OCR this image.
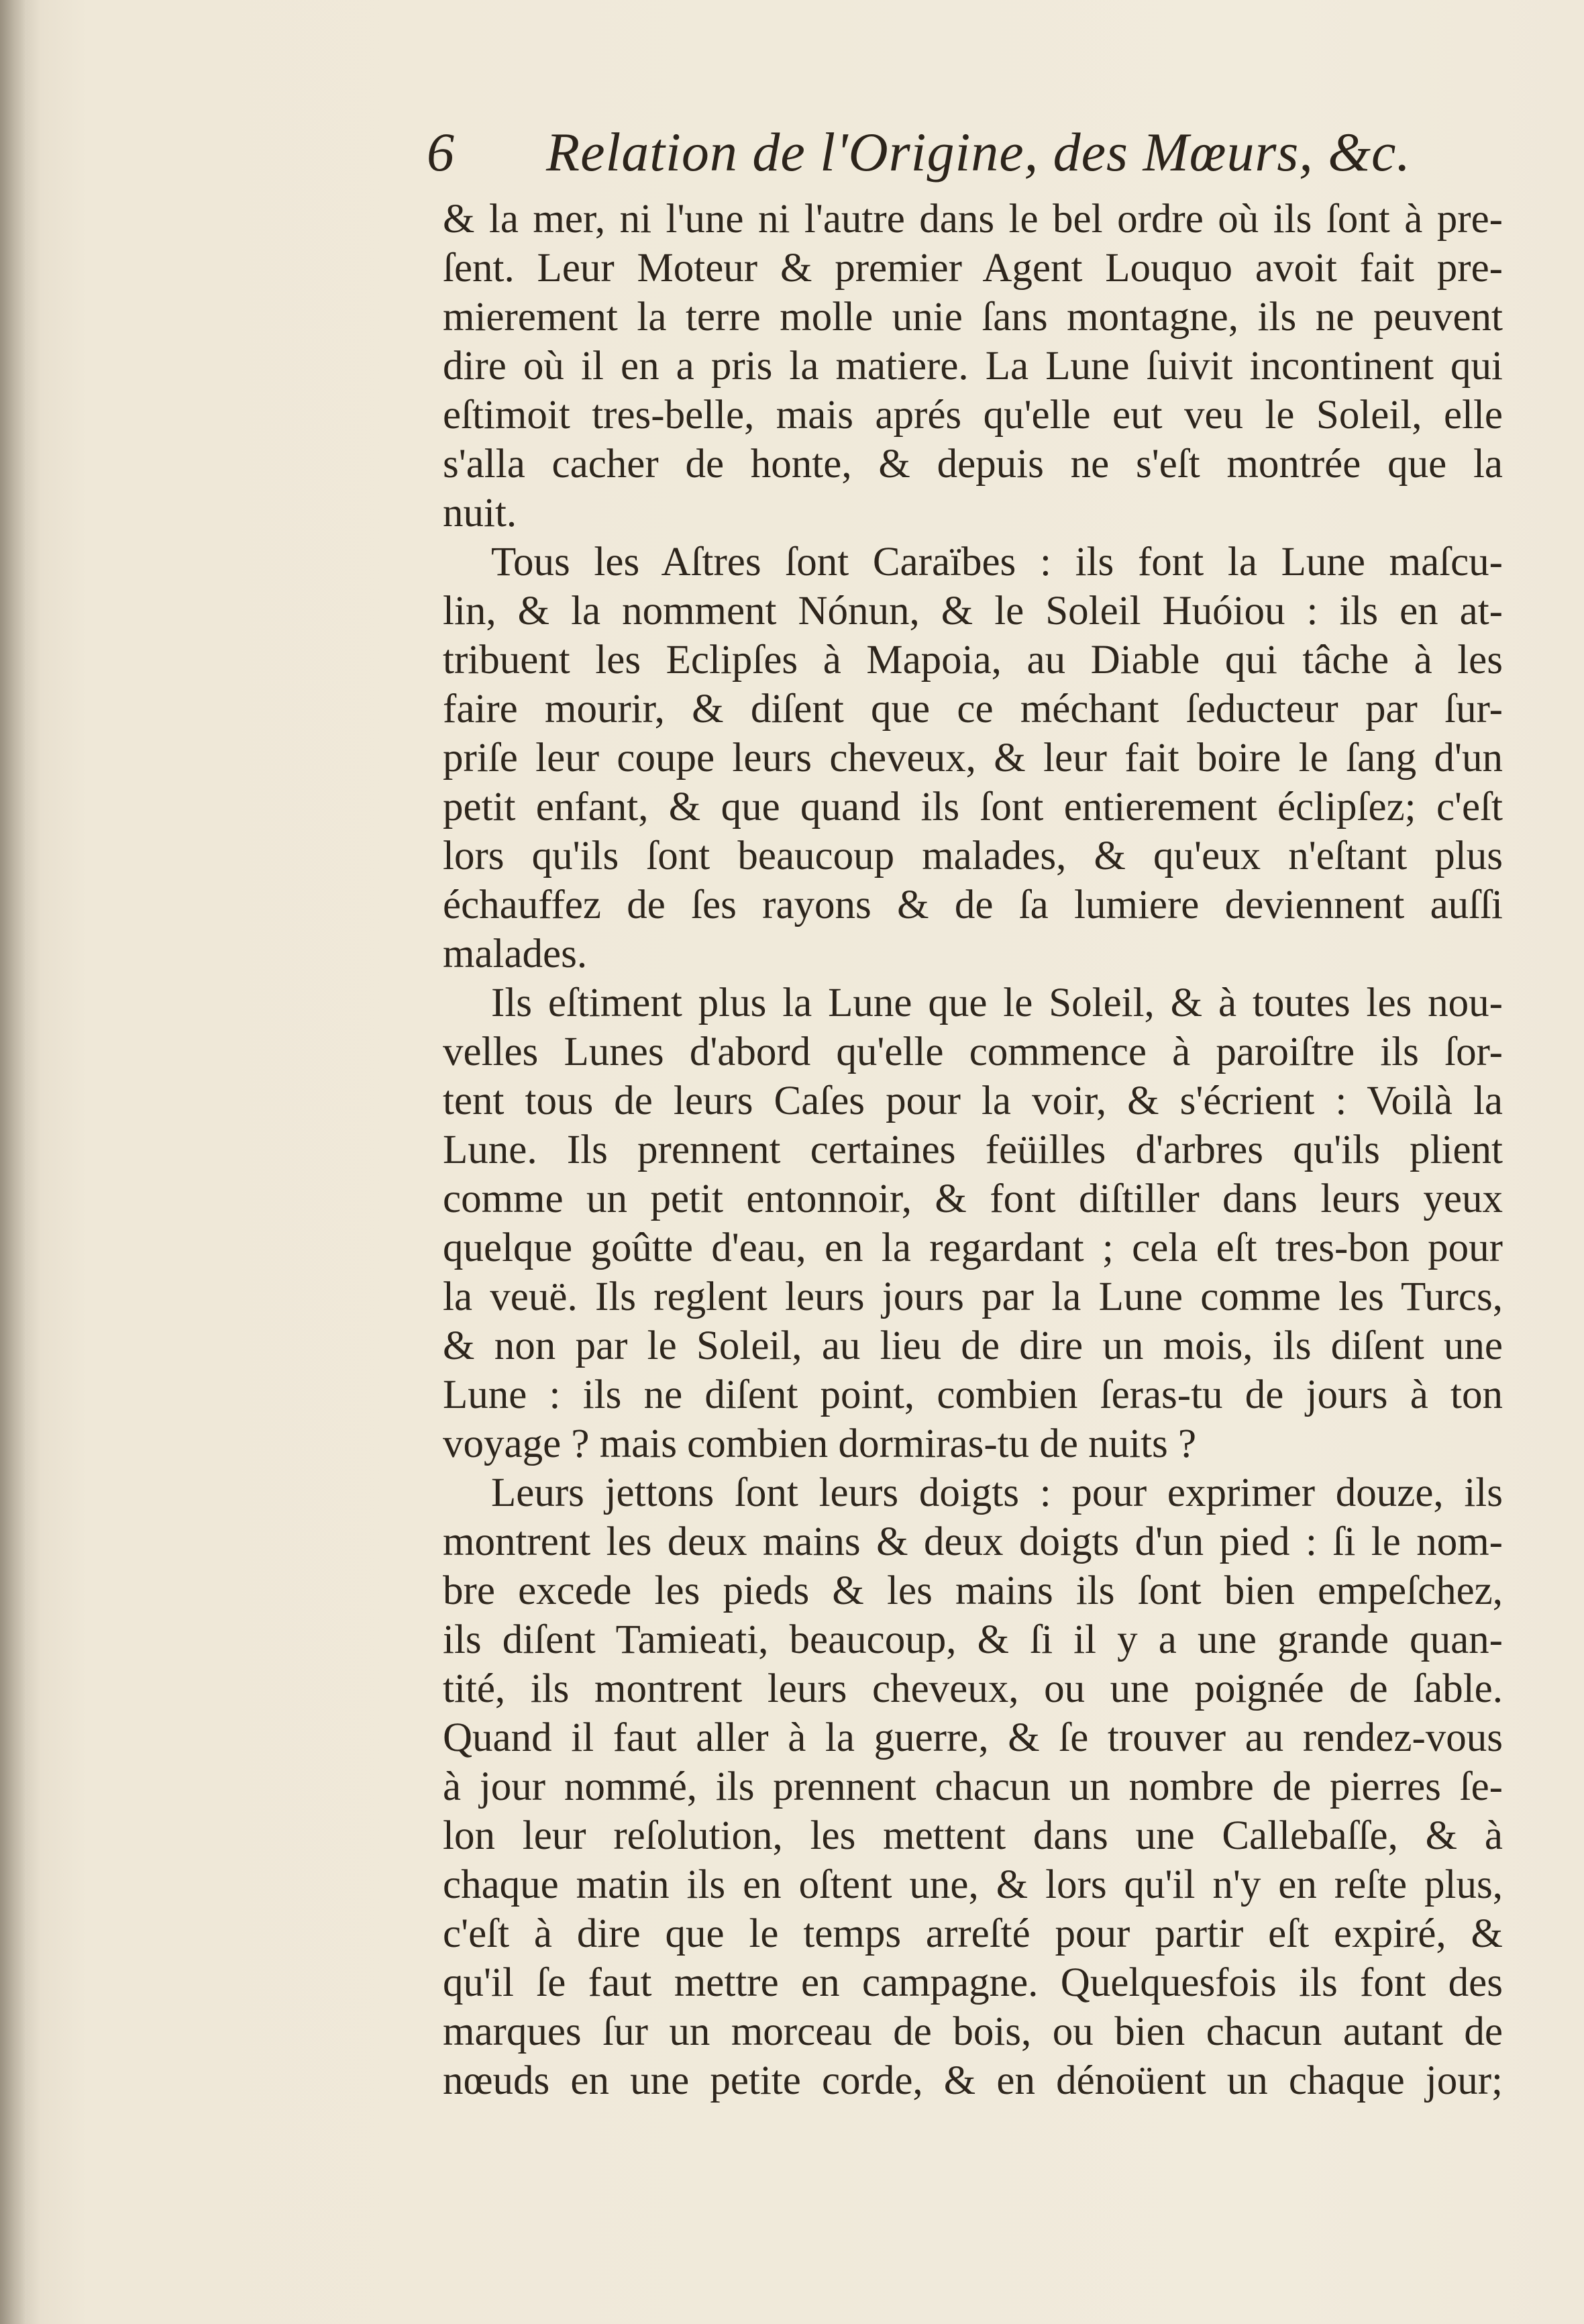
6 Relation de l'Origine, des Mœurs, &c.
& la mer, ni l'une ni l'autre dans le bel ordre où ils ſont à pre-
ſent. Leur Moteur & premier Agent Louquo avoit fait pre-
mierement la terre molle unie ſans montagne, ils ne peuvent
dire où il en a pris la matiere. La Lune ſuivit incontinent qui
eſtimoit tres-belle, mais aprés qu'elle eut veu le Soleil, elle
s'alla cacher de honte, & depuis ne s'eſt montrée que la
nuit.
Tous les Aſtres ſont Caraïbes : ils font la Lune maſcu-
lin, & la nomment Nónun, & le Soleil Huóiou : ils en at-
tribuent les Eclipſes à Mapoia, au Diable qui tâche à les
faire mourir, & diſent que ce méchant ſeducteur par ſur-
priſe leur coupe leurs cheveux, & leur fait boire le ſang d'un
petit enfant, & que quand ils ſont entierement éclipſez; c'eſt
lors qu'ils ſont beaucoup malades, & qu'eux n'eſtant plus
échauffez de ſes rayons & de ſa lumiere deviennent auſſi
malades.
Ils eſtiment plus la Lune que le Soleil, & à toutes les nou-
velles Lunes d'abord qu'elle commence à paroiſtre ils ſor-
tent tous de leurs Caſes pour la voir, & s'écrient : Voilà la
Lune. Ils prennent certaines feüilles d'arbres qu'ils plient
comme un petit entonnoir, & font diſtiller dans leurs yeux
quelque goûtte d'eau, en la regardant ; cela eſt tres-bon pour
la veuë. Ils reglent leurs jours par la Lune comme les Turcs,
& non par le Soleil, au lieu de dire un mois, ils diſent une
Lune : ils ne diſent point, combien ſeras-tu de jours à ton
voyage ? mais combien dormiras-tu de nuits ?
Leurs jettons ſont leurs doigts : pour exprimer douze, ils
montrent les deux mains & deux doigts d'un pied : ſi le nom-
bre excede les pieds & les mains ils ſont bien empeſchez,
ils diſent Tamieati, beaucoup, & ſi il y a une grande quan-
tité, ils montrent leurs cheveux, ou une poignée de ſable.
Quand il faut aller à la guerre, & ſe trouver au rendez-vous
à jour nommé, ils prennent chacun un nombre de pierres ſe-
lon leur reſolution, les mettent dans une Callebaſſe, & à
chaque matin ils en oſtent une, & lors qu'il n'y en reſte plus,
c'eſt à dire que le temps arreſté pour partir eſt expiré, &
qu'il ſe faut mettre en campagne. Quelquesfois ils font des
marques ſur un morceau de bois, ou bien chacun autant de
nœuds en une petite corde, & en dénoüent un chaque jour;
